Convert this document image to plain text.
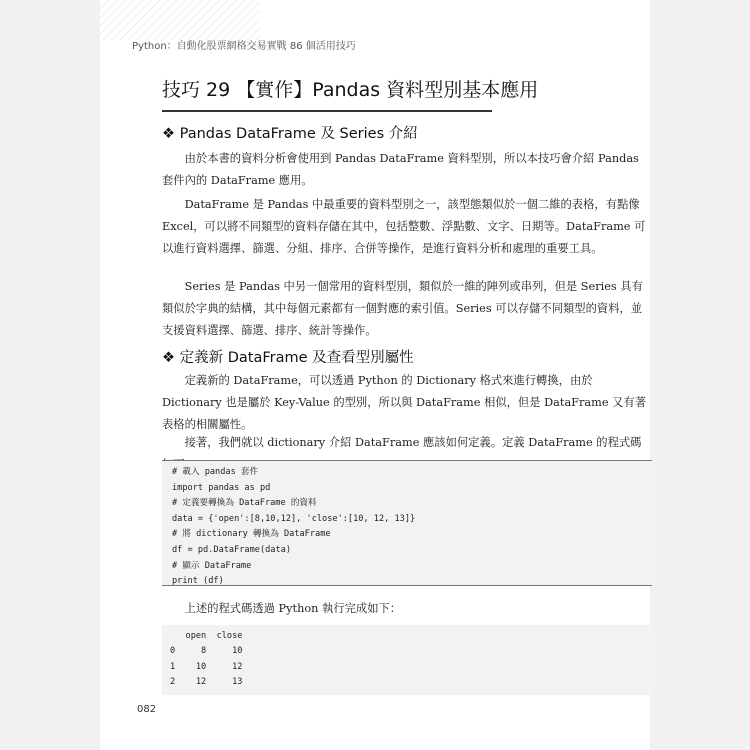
Python：自動化股票網格交易實戰 86 個活用技巧
技巧 29 【實作】Pandas 資料型別基本應用
❖ Pandas DataFrame 及 Series 介紹

由於本書的資料分析會使用到 Pandas DataFrame 資料型別，所以本技巧會介紹 Pandas 套件內的 DataFrame 應用。

DataFrame 是 Pandas 中最重要的資料型別之一，該型態類似於一個二維的表格，有點像 Excel，可以將不同類型的資料存儲在其中，包括整數、浮點數、文字、日期等。DataFrame 可以進行資料選擇、篩選、分組、排序、合併等操作，是進行資料分析和處理的重要工具。

Series 是 Pandas 中另一個常用的資料型別，類似於一維的陣列或串列，但是 Series 具有類似於字典的結構，其中每個元素都有一個對應的索引值。Series 可以存儲不同類型的資料，並支援資料選擇、篩選、排序、統計等操作。

❖ 定義新 DataFrame 及查看型別屬性

定義新的 DataFrame，可以透過 Python 的 Dictionary 格式來進行轉換，由於 Dictionary 也是屬於 Key-Value 的型別，所以與 DataFrame 相似，但是 DataFrame 又有著表格的相關屬性。

接著，我們就以 dictionary 介紹 DataFrame 應該如何定義。定義 DataFrame 的程式碼

# 載入 pandas 套件
import pandas as pd
# 定義要轉換為 DataFrame 的資料
data = {'open':[8,10,12], 'close':[10, 12, 13]}
# 將 dictionary 轉換為 DataFrame
df = pd.DataFrame(data)
# 顯示 DataFrame
print (df)

上述的程式碼透過 Python 執行完成如下：

open  close
0     8     10
1    10     12
2    12     13
082
